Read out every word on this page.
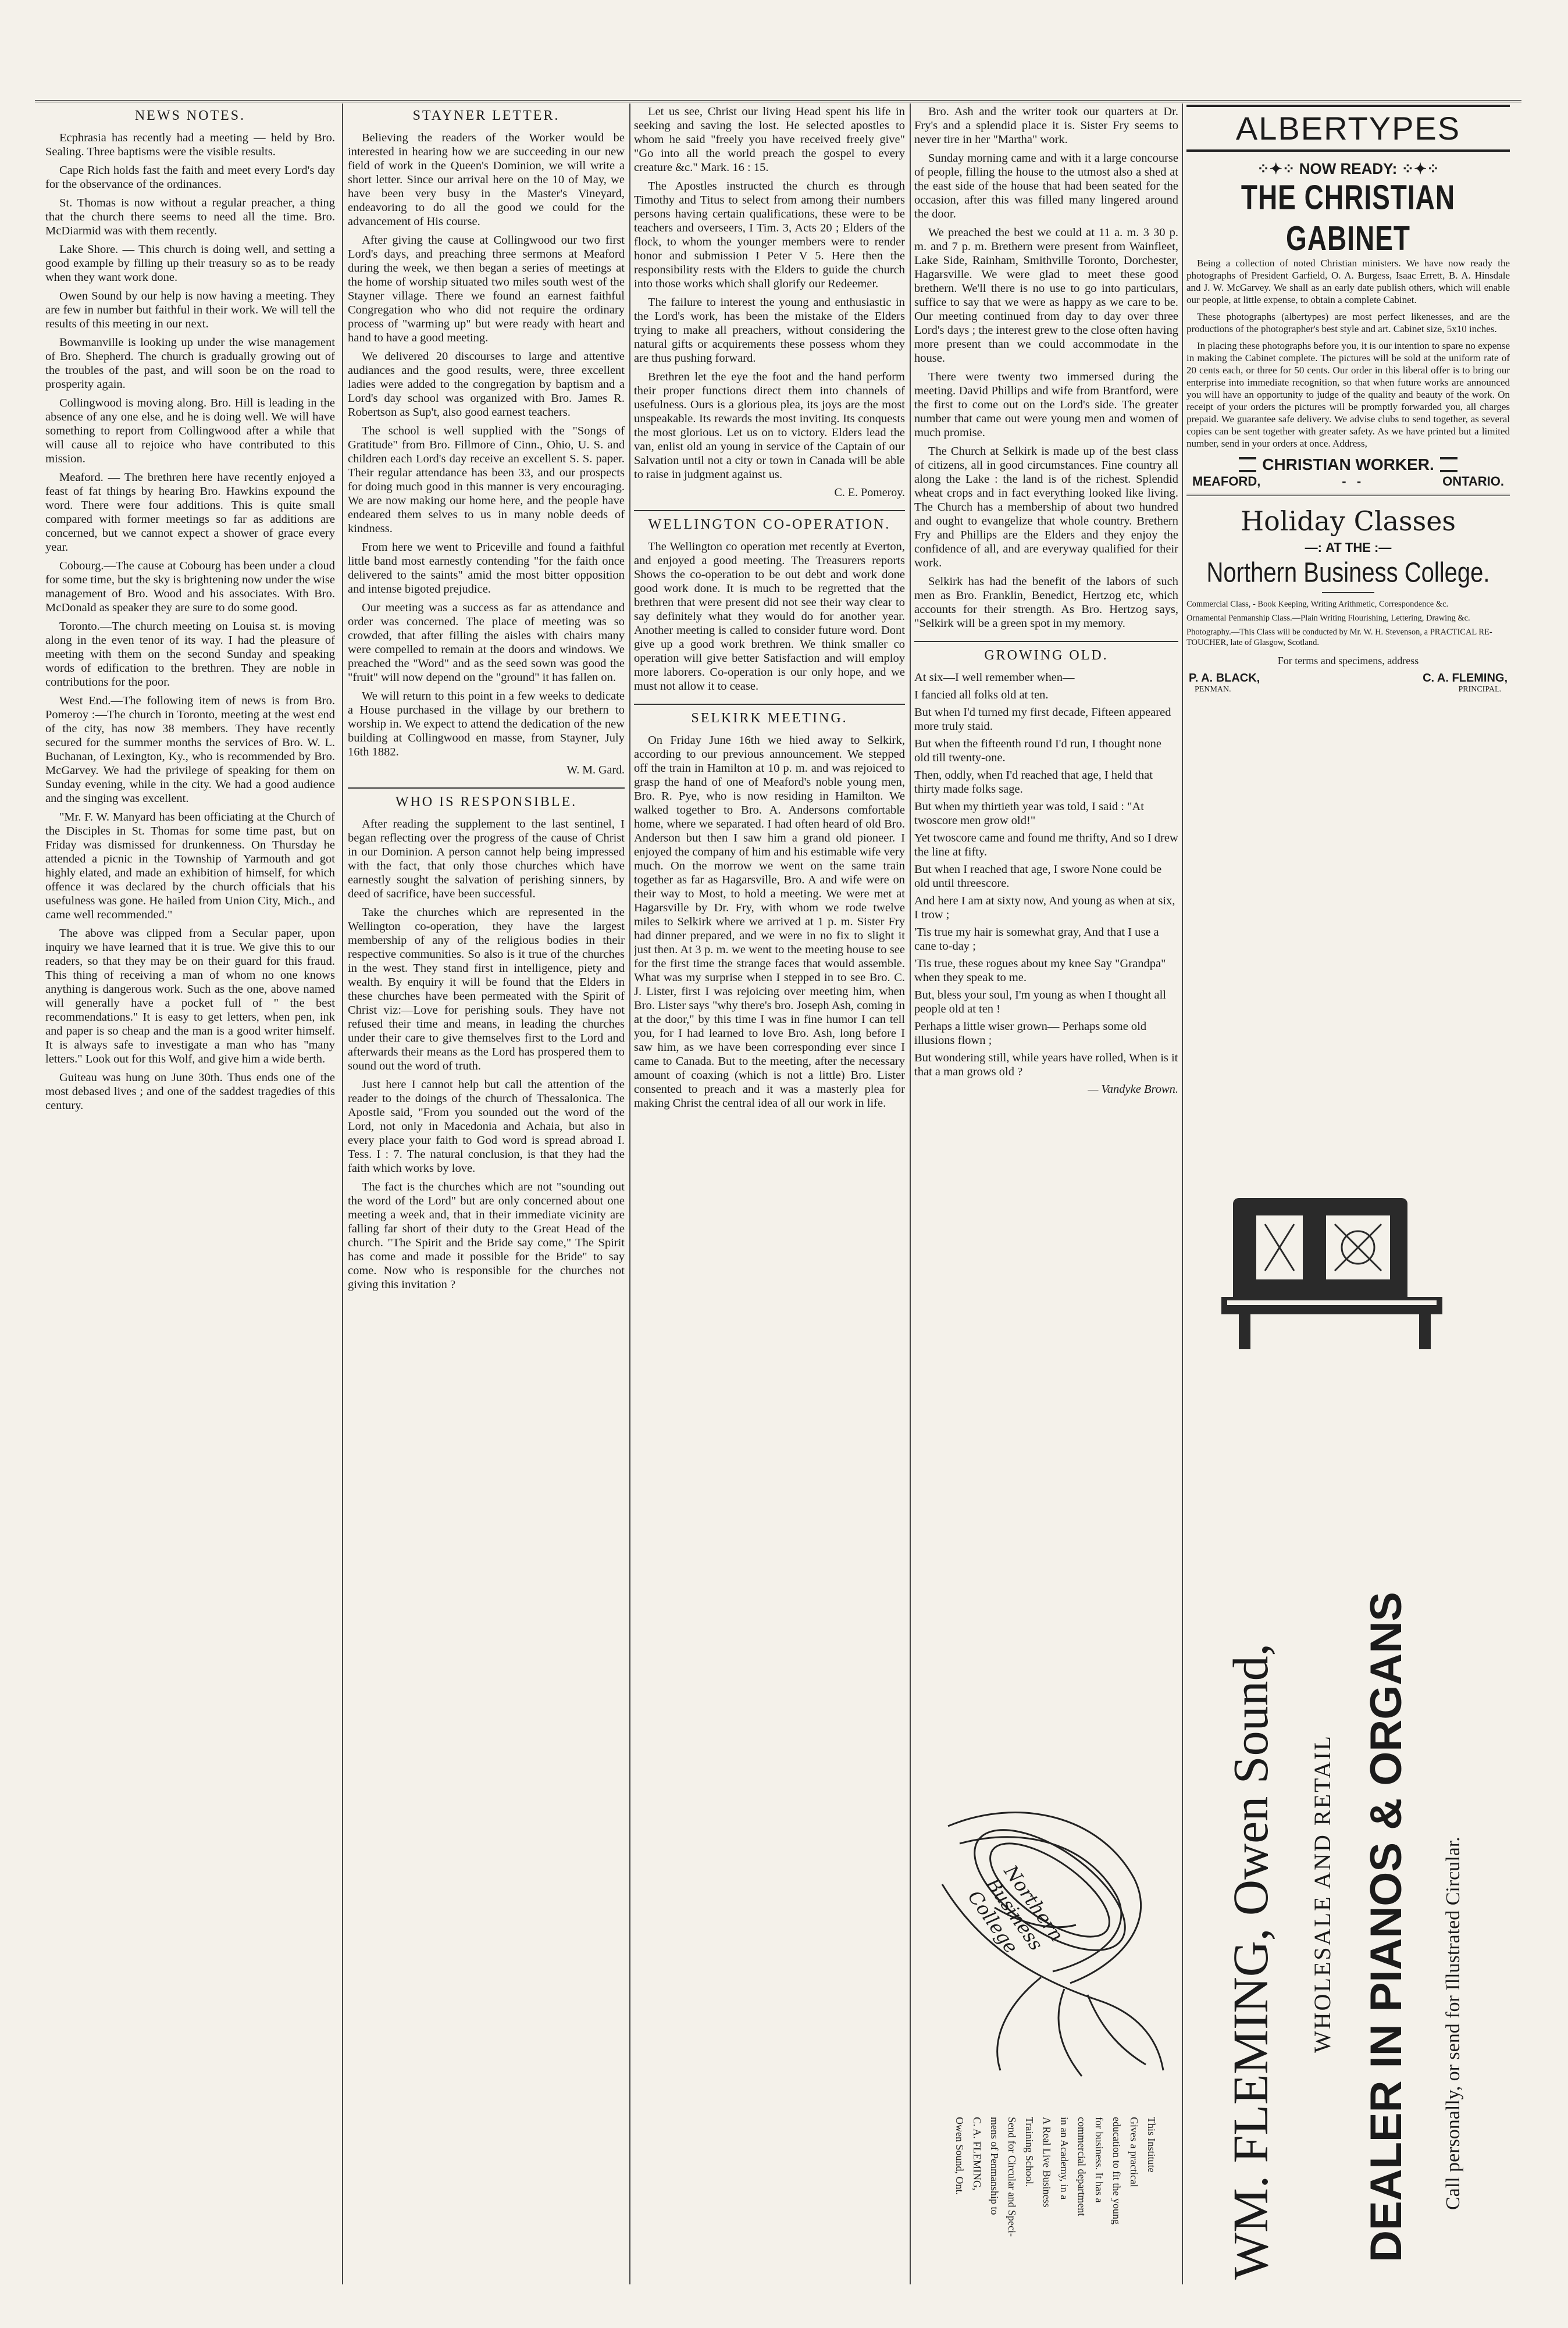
NEWS NOTES.

Ecphrasia has recently had a meeting — held by Bro. Sealing. Three baptisms were the visible results.

Cape Rich holds fast the faith and meet every Lord's day for the observance of the ordinances.

St. Thomas is now without a regular preacher, a thing that the church there seems to need all the time. Bro. McDiarmid was with them recently.

Lake Shore. — This church is doing well, and setting a good example by filling up their treasury so as to be ready when they want work done.

Owen Sound by our help is now having a meeting. They are few in number but faithful in their work. We will tell the results of this meeting in our next.

Bowmanville is looking up under the wise management of Bro. Shepherd. The church is gradually growing out of the troubles of the past, and will soon be on the road to prosperity again.

Collingwood is moving along. Bro. Hill is leading in the absence of any one else, and he is doing well. We will have something to report from Collingwood after a while that will cause all to rejoice who have contributed to this mission.

Meaford. — The brethren here have recently enjoyed a feast of fat things by hearing Bro. Hawkins expound the word. There were four additions. This is quite small compared with former meetings so far as additions are concerned, but we cannot expect a shower of grace every year.

Cobourg.—The cause at Cobourg has been under a cloud for some time, but the sky is brightening now under the wise management of Bro. Wood and his associates. With Bro. McDonald as speaker they are sure to do some good.

Toronto.—The church meeting on Louisa st. is moving along in the even tenor of its way. I had the pleasure of meeting with them on the second Sunday and speaking words of edification to the brethren. They are noble in contributions for the poor.

West End.—The following item of news is from Bro. Pomeroy :—The church in Toronto, meeting at the west end of the city, has now 38 members. They have recently secured for the summer months the services of Bro. W. L. Buchanan, of Lexington, Ky., who is recommended by Bro. McGarvey. We had the privilege of speaking for them on Sunday evening, while in the city. We had a good audience and the singing was excellent.

"Mr. F. W. Manyard has been officiating at the Church of the Disciples in St. Thomas for some time past, but on Friday was dismissed for drunkenness. On Thursday he attended a picnic in the Township of Yarmouth and got highly elated, and made an exhibition of himself, for which offence it was declared by the church officials that his usefulness was gone. He hailed from Union City, Mich., and came well recommended."

The above was clipped from a Secular paper, upon inquiry we have learned that it is true. We give this to our readers, so that they may be on their guard for this fraud. This thing of receiving a man of whom no one knows anything is dangerous work. Such as the one, above named will generally have a pocket full of " the best recommendations." It is easy to get letters, when pen, ink and paper is so cheap and the man is a good writer himself. It is always safe to investigate a man who has "many letters." Look out for this Wolf, and give him a wide berth.

Guiteau was hung on June 30th. Thus ends one of the most debased lives ; and one of the saddest tragedies of this century.

STAYNER LETTER.

Believing the readers of the Worker would be interested in hearing how we are succeeding in our new field of work in the Queen's Dominion, we will write a short letter. Since our arrival here on the 10 of May, we have been very busy in the Master's Vineyard, endeavoring to do all the good we could for the advancement of His course.

After giving the cause at Collingwood our two first Lord's days, and preaching three sermons at Meaford during the week, we then began a series of meetings at the home of worship situated two miles south west of the Stayner village. There we found an earnest faithful Congregation who who did not require the ordinary process of "warming up" but were ready with heart and hand to have a good meeting.

We delivered 20 discourses to large and attentive audiances and the good results, were, three excellent ladies were added to the congregation by baptism and a Lord's day school was organized with Bro. James R. Robertson as Sup't, also good earnest teachers.

The school is well supplied with the "Songs of Gratitude" from Bro. Fillmore of Cinn., Ohio, U. S. and children each Lord's day receive an excellent S. S. paper. Their regular attendance has been 33, and our prospects for doing much good in this manner is very encouraging. We are now making our home here, and the people have endeared them selves to us in many noble deeds of kindness.

From here we went to Priceville and found a faithful little band most earnestly contending "for the faith once delivered to the saints" amid the most bitter opposition and intense bigoted prejudice.

Our meeting was a success as far as attendance and order was concerned. The place of meeting was so crowded, that after filling the aisles with chairs many were compelled to remain at the doors and windows. We preached the "Word" and as the seed sown was good the "fruit" will now depend on the "ground" it has fallen on.

We will return to this point in a few weeks to dedicate a House purchased in the village by our brethern to worship in. We expect to attend the dedication of the new building at Collingwood en masse, from Stayner, July 16th 1882.

W. M. Gard.
WHO IS RESPONSIBLE.

After reading the supplement to the last sentinel, I began reflecting over the progress of the cause of Christ in our Dominion. A person cannot help being impressed with the fact, that only those churches which have earnestly sought the salvation of perishing sinners, by deed of sacrifice, have been successful.

Take the churches which are represented in the Wellington co-operation, they have the largest membership of any of the religious bodies in their respective communities. So also is it true of the churches in the west. They stand first in intelligence, piety and wealth. By enquiry it will be found that the Elders in these churches have been permeated with the Spirit of Christ viz:—Love for perishing souls. They have not refused their time and means, in leading the churches under their care to give themselves first to the Lord and afterwards their means as the Lord has prospered them to sound out the word of truth.

Just here I cannot help but call the attention of the reader to the doings of the church of Thessalonica. The Apostle said, "From you sounded out the word of the Lord, not only in Macedonia and Achaia, but also in every place your faith to God word is spread abroad I. Tess. I : 7. The natural conclusion, is that they had the faith which works by love.

The fact is the churches which are not "sounding out the word of the Lord" but are only concerned about one meeting a week and, that in their immediate vicinity are falling far short of their duty to the Great Head of the church. "The Spirit and the Bride say come," The Spirit has come and made it possible for the Bride" to say come. Now who is responsible for the churches not giving this invitation ?

Let us see, Christ our living Head spent his life in seeking and saving the lost. He selected apostles to whom he said "freely you have received freely give" "Go into all the world preach the gospel to every creature &c." Mark. 16 : 15.

The Apostles instructed the church es through Timothy and Titus to select from among their numbers persons having certain qualifications, these were to be teachers and overseers, I Tim. 3, Acts 20 ; Elders of the flock, to whom the younger members were to render honor and submission I Peter V 5. Here then the responsibility rests with the Elders to guide the church into those works which shall glorify our Redeemer.

The failure to interest the young and enthusiastic in the Lord's work, has been the mistake of the Elders trying to make all preachers, without considering the natural gifts or acquirements these possess whom they are thus pushing forward.

Brethren let the eye the foot and the hand perform their proper functions direct them into channels of usefulness. Ours is a glorious plea, its joys are the most unspeakable. Its rewards the most inviting. Its conquests the most glorious. Let us on to victory. Elders lead the van, enlist old an young in service of the Captain of our Salvation until not a city or town in Canada will be able to raise in judgment against us.

C. E. Pomeroy.
WELLINGTON CO-OPERATION.

The Wellington co operation met recently at Everton, and enjoyed a good meeting. The Treasurers reports Shows the co-operation to be out debt and work done good work done. It is much to be regretted that the brethren that were present did not see their way clear to say definitely what they would do for another year. Another meeting is called to consider future word. Dont give up a good work brethren. We think smaller co operation will give better Satisfaction and will employ more laborers. Co-operation is our only hope, and we must not allow it to cease.

SELKIRK MEETING.

On Friday June 16th we hied away to Selkirk, according to our previous announcement. We stepped off the train in Hamilton at 10 p. m. and was rejoiced to grasp the hand of one of Meaford's noble young men, Bro. R. Pye, who is now residing in Hamilton. We walked together to Bro. A. Andersons comfortable home, where we separated. I had often heard of old Bro. Anderson but then I saw him a grand old pioneer. I enjoyed the company of him and his estimable wife very much. On the morrow we went on the same train together as far as Hagarsville, Bro. A and wife were on their way to Most, to hold a meeting. We were met at Hagarsville by Dr. Fry, with whom we rode twelve miles to Selkirk where we arrived at 1 p. m. Sister Fry had dinner prepared, and we were in no fix to slight it just then. At 3 p. m. we went to the meeting house to see for the first time the strange faces that would assemble. What was my surprise when I stepped in to see Bro. C. J. Lister, first I was rejoicing over meeting him, when Bro. Lister says "why there's bro. Joseph Ash, coming in at the door," by this time I was in fine humor I can tell you, for I had learned to love Bro. Ash, long before I saw him, as we have been corresponding ever since I came to Canada. But to the meeting, after the necessary amount of coaxing (which is not a little) Bro. Lister consented to preach and it was a masterly plea for making Christ the central idea of all our work in life.

Bro. Ash and the writer took our quarters at Dr. Fry's and a splendid place it is. Sister Fry seems to never tire in her "Martha" work.

Sunday morning came and with it a large concourse of people, filling the house to the utmost also a shed at the east side of the house that had been seated for the occasion, after this was filled many lingered around the door.

We preached the best we could at 11 a. m. 3 30 p. m. and 7 p. m. Brethern were present from Wainfleet, Lake Side, Rainham, Smithville Toronto, Dorchester, Hagarsville. We were glad to meet these good brethern. We'll there is no use to go into particulars, suffice to say that we were as happy as we care to be. Our meeting continued from day to day over three Lord's days ; the interest grew to the close often having more present than we could accommodate in the house.

There were twenty two immersed during the meeting. David Phillips and wife from Brantford, were the first to come out on the Lord's side. The greater number that came out were young men and women of much promise.

The Church at Selkirk is made up of the best class of citizens, all in good circumstances. Fine country all along the Lake : the land is of the richest. Splendid wheat crops and in fact everything looked like living. The Church has a membership of about two hundred and ought to evangelize that whole country. Brethern Fry and Phillips are the Elders and they enjoy the confidence of all, and are everyway qualified for their work.

Selkirk has had the benefit of the labors of such men as Bro. Franklin, Benedict, Hertzog etc, which accounts for their strength. As Bro. Hertzog says, "Selkirk will be a green spot in my memory.

GROWING OLD.

At six—I well remember when—

I fancied all folks old at ten.

But when I'd turned my first decade, Fifteen appeared more truly staid.

But when the fifteenth round I'd run, I thought none old till twenty-one.

Then, oddly, when I'd reached that age, I held that thirty made folks sage.

But when my thirtieth year was told, I said : "At twoscore men grow old!"

Yet twoscore came and found me thrifty, And so I drew the line at fifty.

But when I reached that age, I swore None could be old until threescore.

And here I am at sixty now, And young as when at six, I trow ;

'Tis true my hair is somewhat gray, And that I use a cane to-day ;

'Tis true, these rogues about my knee Say "Grandpa" when they speak to me.

But, bless your soul, I'm young as when I thought all people old at ten !

Perhaps a little wiser grown— Perhaps some old illusions flown ;

But wondering still, while years have rolled, When is it that a man grows old ?

— Vandyke Brown.

Northern Business College
This Institute
Gives a practical
education to fit the young
for business. It has a
commercial department
in an Academy, in a
A Real Live Business
Training School.
Send for Circular and Speci-
mens of Penmanship to
C. A. FLEMING,
Owen Sound, Ont.
ALBERTYPES
⁘✦⁘ NOW READY: ⁘✦⁘
THE CHRISTIAN GABINET

Being a collection of noted Christian ministers. We have now ready the photographs of President Garfield, O. A. Burgess, Isaac Errett, B. A. Hinsdale and J. W. McGarvey. We shall as an early date publish others, which will enable our people, at little expense, to obtain a complete Cabinet.

These photographs (albertypes) are most perfect likenesses, and are the productions of the photographer's best style and art. Cabinet size, 5x10 inches.

In placing these photographs before you, it is our intention to spare no expense in making the Cabinet complete. The pictures will be sold at the uniform rate of 20 cents each, or three for 50 cents. Our order in this liberal offer is to bring our enterprise into immediate recognition, so that when future works are announced you will have an opportunity to judge of the quality and beauty of the work. On receipt of your orders the pictures will be promptly forwarded you, all charges prepaid. We guarantee safe delivery. We advise clubs to send together, as several copies can be sent together with greater safety. As we have printed but a limited number, send in your orders at once. Address,

CHRISTIAN WORKER.
MEAFORD,	-   -	ONTARIO.
Holiday Classes
—: AT THE :—
Northern Business College.

Commercial Class, - Book Keeping, Writing Arithmetic, Correspondence &c.

Ornamental Penmanship Class.—Plain Writing Flourishing, Lettering, Drawing &c.

Photography.—This Class will be conducted by Mr. W. H. Stevenson, a PRACTICAL RE-TOUCHER, late of Glasgow, Scotland.

For terms and specimens, address
P. A. BLACK,	C. A. FLEMING,
PENMAN.	PRINCIPAL.
WM. FLEMING, Owen Sound, WHOLESALE AND RETAIL DEALER IN PIANOS & ORGANS Call personally, or send for Illustrated Circular.
